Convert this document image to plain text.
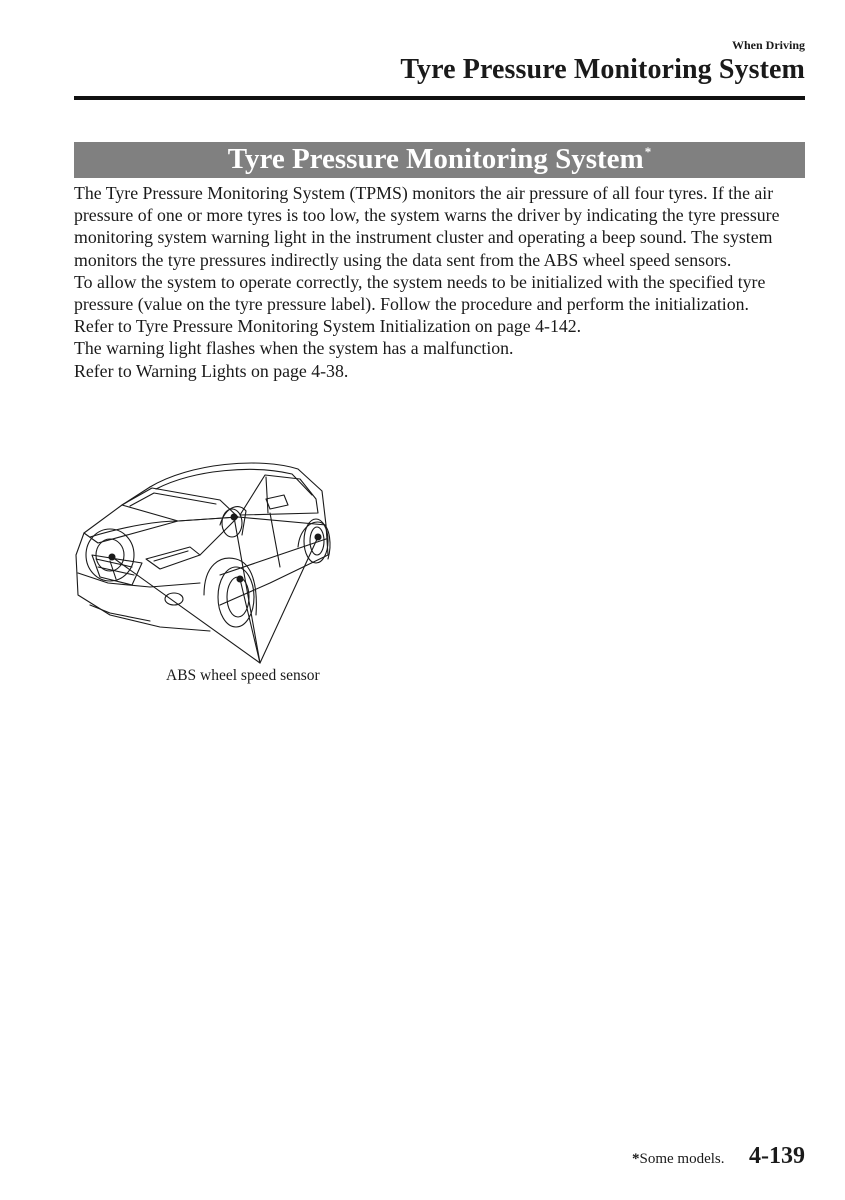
When Driving
Tyre Pressure Monitoring System
Tyre Pressure Monitoring System*

The Tyre Pressure Monitoring System (TPMS) monitors the air pressure of all four tyres. If the air pressure of one or more tyres is too low, the system warns the driver by indicating the tyre pressure monitoring system warning light in the instrument cluster and operating a beep sound. The system monitors the tyre pressures indirectly using the data sent from the ABS wheel speed sensors.

To allow the system to operate correctly, the system needs to be initialized with the specified tyre pressure (value on the tyre pressure label). Follow the procedure and perform the initialization.

Refer to Tyre Pressure Monitoring System Initialization on page 4-142.

The warning light flashes when the system has a malfunction.

Refer to Warning Lights on page 4-38.

ABS wheel speed sensor
*Some models. 4-139
